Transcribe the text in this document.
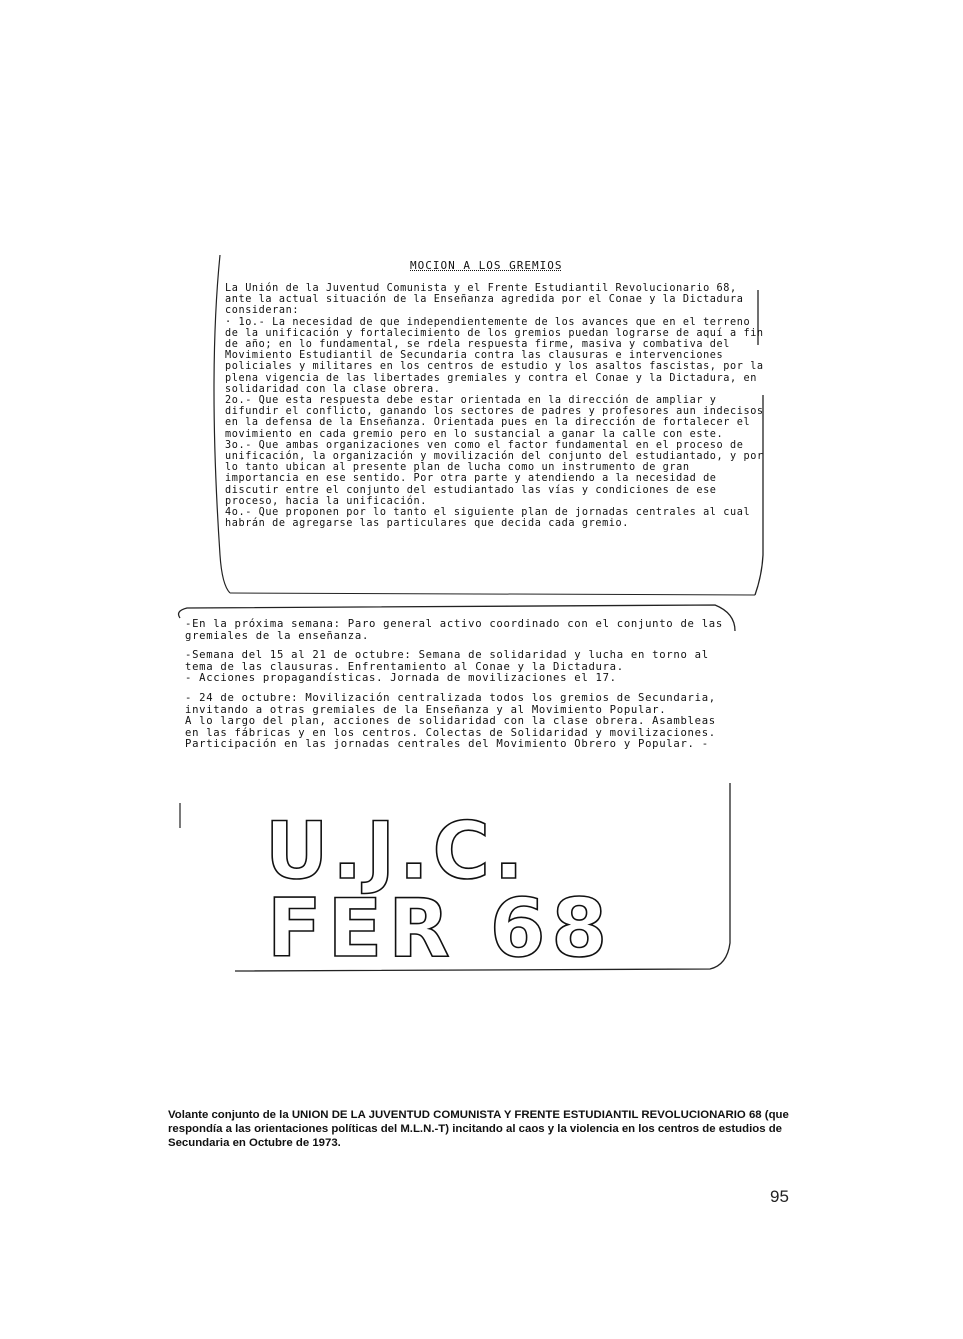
MOCION A LOS GREMIOS

La Unión de la Juventud Comunista y el Frente Estudiantil Revolucionario 68, ante la actual situación de la Enseñanza agredida por el Conae y la Dictadura consideran:

· 1o.- La necesidad de que independientemente de los avances que en el terreno de la unificación y fortalecimiento de los gremios puedan lograrse de aquí a fin de año; en lo fundamental, se rdela respuesta firme, masiva y combativa del Movimiento Estudiantil de Secundaria contra las clausuras e intervenciones policiales y militares en los centros de estudio y los asaltos fascistas, por la plena vigencia de las libertades gremiales y contra el Conae y la Dictadura, en solidaridad con la clase obrera.

2o.- Que esta respuesta debe estar orientada en la dirección de ampliar y difundir el conflicto, ganando los sectores de padres y profesores aun indecisos en la defensa de la Enseñanza. Orientada pues en la dirección de fortalecer el movimiento en cada gremio pero en lo sustancial a ganar la calle con este.

3o.- Que ambas organizaciones ven como el factor fundamental en el proceso de unificación, la organización y movilización del conjunto del estudiantado, y por lo tanto ubican al presente plan de lucha como un instrumento de gran importancia en ese sentido. Por otra parte y atendiendo a la necesidad de discutir entre el conjunto del estudiantado las vías y condiciones de ese proceso, hacia la unificación.

4o.- Que proponen por lo tanto el siguiente plan de jornadas centrales al cual habrán de agregarse las particulares que decida cada gremio.

-En la próxima semana: Paro general activo coordinado con el conjunto de las gremiales de la enseñanza.

-Semana del 15 al 21 de octubre: Semana de solidaridad y lucha en torno al tema de las clausuras. Enfrentamiento al Conae y la Dictadura.
- Acciones propagandísticas. Jornada de movilizaciones el 17.

- 24 de octubre: Movilización centralizada todos los gremios de Secundaria, invitando a otras gremiales de la Enseñanza y al Movimiento Popular.
A lo largo del plan, acciones de solidaridad con la clase obrera. Asambleas en las fábricas y en los centros. Colectas de Solidaridad y movilizaciones. Participación en las jornadas centrales del Movimiento Obrero y Popular. -

U.J.C.
FER 68
Volante conjunto de la UNION DE LA JUVENTUD COMUNISTA Y FRENTE ESTUDIANTIL REVOLUCIONARIO 68 (que respondía a las orientaciones políticas del M.L.N.-T) incitando al caos y la violencia en los centros de estudios de Secundaria en Octubre de 1973.
95
